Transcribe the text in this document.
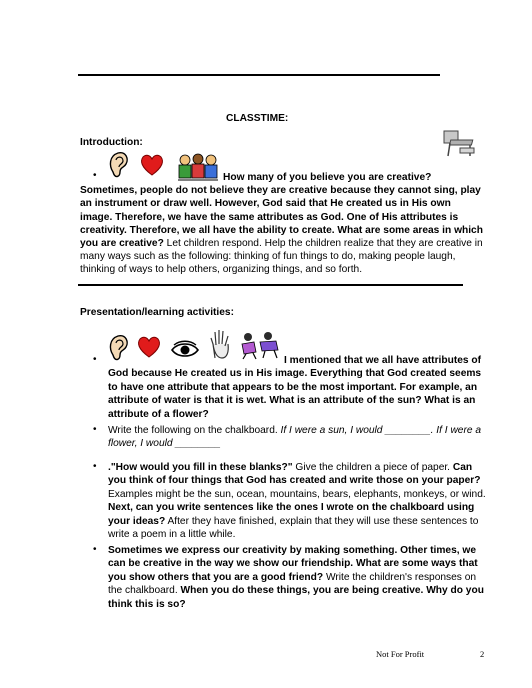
CLASSTIME:
Introduction:
•	How many of you believe you are creative? Sometimes, people do not believe they are creative because they cannot sing, play an instrument or draw well. However, God said that He created us in His own image. Therefore, we have the same attributes as God. One of His attributes is creativity. Therefore, we all have the ability to create. What are some areas in which you are creative? Let children respond. Help the children realize that they are creative in many ways such as the following: thinking of fun things to do, making people laugh, thinking of ways to help others, organizing things, and so forth.

Presentation/learning activities:
•	I mentioned that we all have attributes of God because He created us in His image. Everything that God created seems to have one attribute that appears to be the most important. For example, an attribute of water is that it is wet. What is an attribute of the sun? What is an attribute of a flower?

• Write the following on the chalkboard. If I were a sun, I would ________. If I were a flower, I would ________

• ."How would you fill in these blanks?" Give the children a piece of paper. Can you think of four things that God has created and write those on your paper? Examples might be the sun, ocean, mountains, bears, elephants, monkeys, or wind. Next, can you write sentences like the ones I wrote on the chalkboard using your ideas? After they have finished, explain that they will use these sentences to write a poem in a little while.

• Sometimes we express our creativity by making something. Other times, we can be creative in the way we show our friendship. What are some ways that you show others that you are a good friend? Write the children's responses on the chalkboard. When you do these things, you are being creative. Why do you think this is so?

Not For Profit	2
